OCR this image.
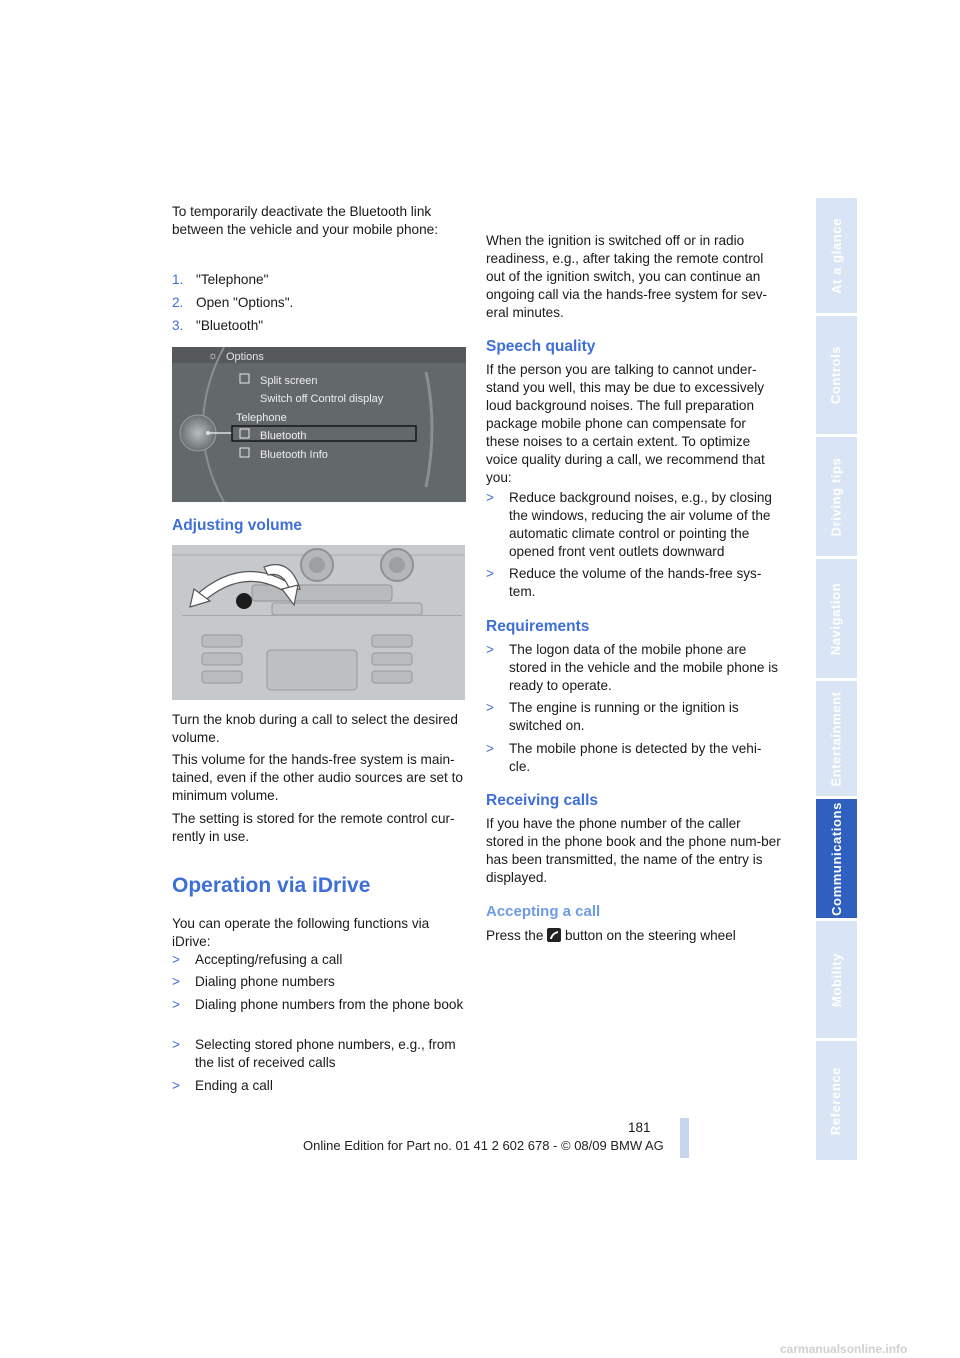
To temporarily deactivate the Bluetooth link between the vehicle and your mobile phone:

1. "Telephone"
2. Open "Options".
3. "Bluetooth"
☼ Options
Split screen
Switch off Control display
Telephone
Bluetooth
Bluetooth Info
Adjusting volume

Turn the knob during a call to select the desired volume.

This volume for the hands-free system is main-tained, even if the other audio sources are set to minimum volume.

The setting is stored for the remote control cur-rently in use.

Operation via iDrive

You can operate the following functions via iDrive:

> Accepting/refusing a call
> Dialing phone numbers
> Dialing phone numbers from the phone book
> Selecting stored phone numbers, e.g., from the list of received calls
> Ending a call

When the ignition is switched off or in radio readiness, e.g., after taking the remote control out of the ignition switch, you can continue an ongoing call via the hands-free system for sev-eral minutes.

Speech quality

If the person you are talking to cannot under-stand you well, this may be due to excessively loud background noises. The full preparation package mobile phone can compensate for these noises to a certain extent. To optimize voice quality during a call, we recommend that you:

> Reduce background noises, e.g., by closing the windows, reducing the air volume of the automatic climate control or pointing the opened front vent outlets downward
> Reduce the volume of the hands-free sys-tem.
Requirements
> The logon data of the mobile phone are stored in the vehicle and the mobile phone is ready to operate.
> The engine is running or the ignition is switched on.
> The mobile phone is detected by the vehi-cle.
Receiving calls

If you have the phone number of the caller stored in the phone book and the phone num-ber has been transmitted, the name of the entry is displayed.

Accepting a call
Press the button on the steering wheel
At a glance
Controls
Driving tips
Navigation
Entertainment
Communications
Mobility
Reference
181
Online Edition for Part no. 01 41 2 602 678 - © 08/09 BMW AG
carmanualsonline.info
